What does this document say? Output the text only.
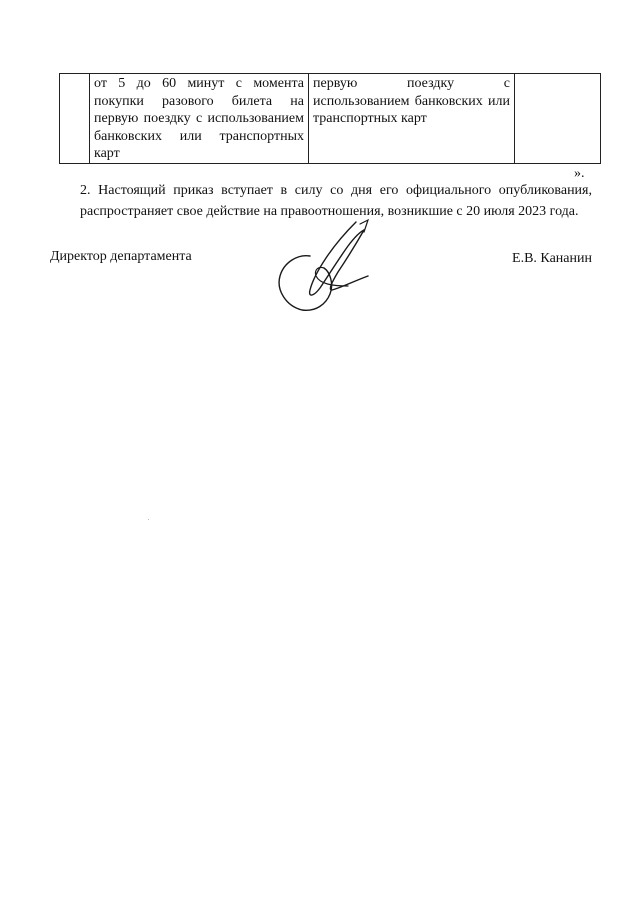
	от 5 до 60 минут с момента покупки разового билета на первую поездку с использованием банковских или транспортных карт	первую поездку с использованием банковских или транспортных карт	
».
2. Настоящий приказ вступает в силу со дня его официального опубликования, распространяет свое действие на правоотношения, возникшие с 20 июля 2023 года.
Директор департамента	Е.В. Кананин
